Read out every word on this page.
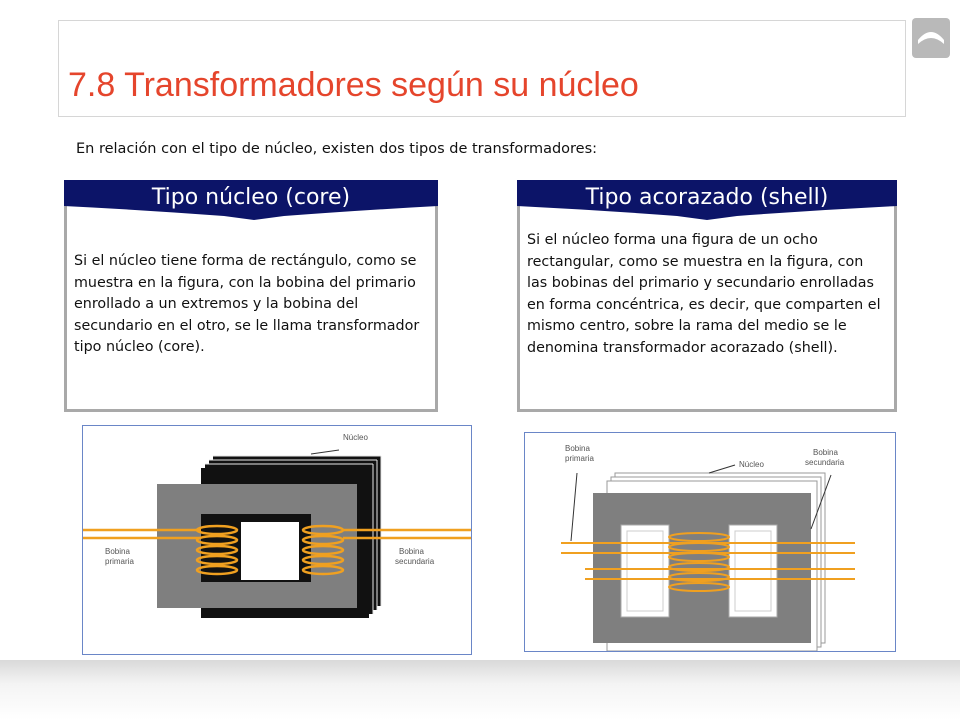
7.8 Transformadores según su núcleo
En relación con el tipo de núcleo, existen dos tipos de transformadores:
Tipo núcleo (core)
Si el núcleo tiene forma de rectángulo, como se muestra en la figura, con la bobina del primario enrollado a un extremos y la bobina del secundario en el otro, se le llama transformador tipo núcleo (core).
Tipo acorazado (shell)
Si el núcleo forma una figura de un ocho rectangular, como se muestra en la figura, con las bobinas del primario y secundario enrolladas en forma concéntrica, es decir, que comparten el mismo centro, sobre la rama del medio se le denomina transformador acorazado (shell).
Núcleo
Bobina
primaria
Bobina
secundaria
Bobina
primaria
Núcleo
Bobina
secundaria
